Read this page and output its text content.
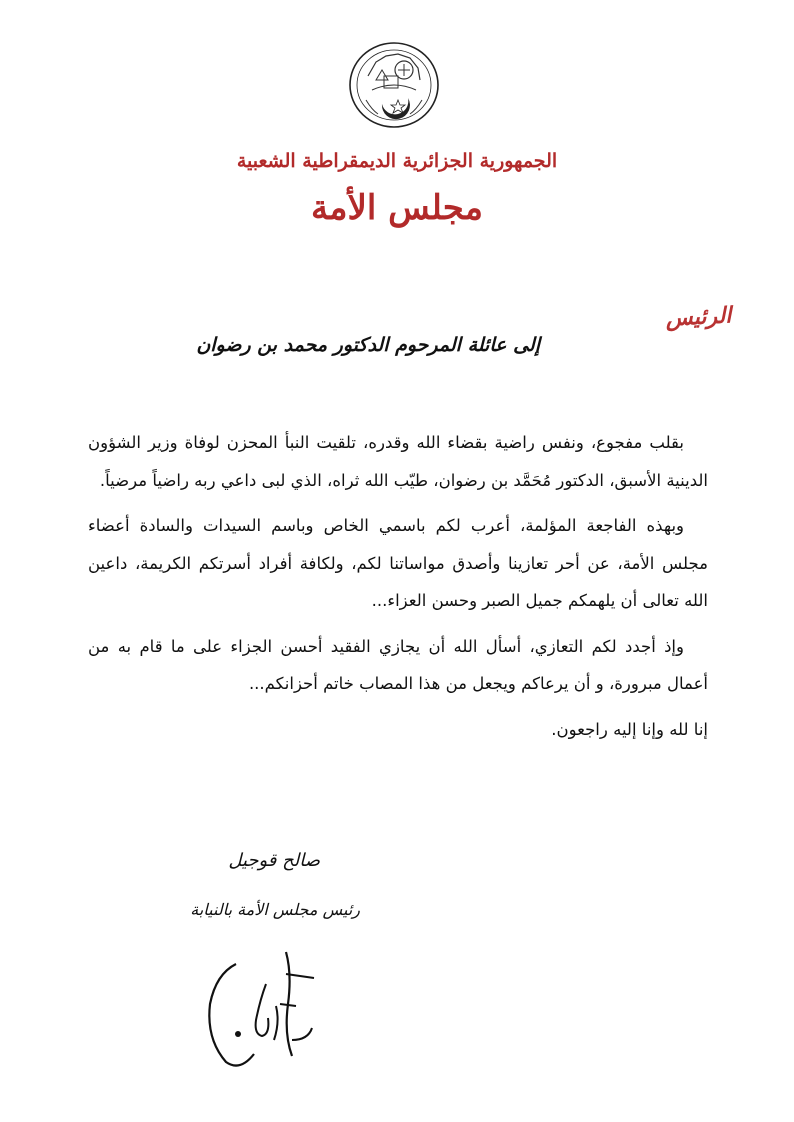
الجمهورية الجزائرية الديمقراطية الشعبية
مجلس الأمة
الرئيس
إلى عائلة المرحوم الدكتور محمد بن رضوان

بقلب مفجوع، ونفس راضية بقضاء الله وقدره، تلقيت النبأ المحزن لوفاة وزير الشؤون الدينية الأسبق، الدكتور مُحَمَّد بن رضوان، طيّب الله ثراه، الذي لبى داعي ربه راضياً مرضياً.

وبهذه الفاجعة المؤلمة، أعرب لكم باسمي الخاص وباسم السيدات والسادة أعضاء مجلس الأمة، عن أحر تعازينا وأصدق مواساتنا لكم، ولكافة أفراد أسرتكم الكريمة، داعين الله تعالى أن يلهمكم جميل الصبر وحسن العزاء...

وإذ أجدد لكم التعازي، أسأل الله أن يجازي الفقيد أحسن الجزاء على ما قام به من أعمال مبرورة، و أن يرعاكم ويجعل من هذا المصاب خاتم أحزانكم...

إنا لله وإنا إليه راجعون.

صالح قوجيل
رئيس مجلس الأمة بالنيابة
